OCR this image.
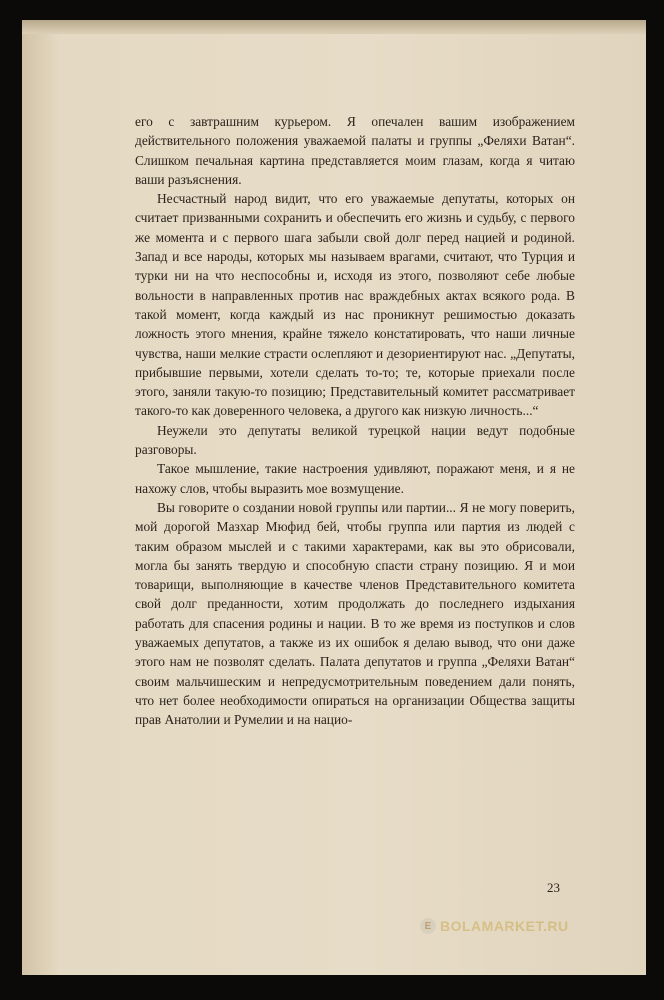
его с завтрашним курьером. Я опечален вашим изображением действительного положения уважаемой палаты и группы „Феляхи Ватан“. Слишком печальная картина представляется моим глазам, когда я читаю ваши разъяснения.

Несчастный народ видит, что его уважаемые депутаты, которых он считает призванными сохранить и обеспечить его жизнь и судьбу, с первого же момента и с первого шага забыли свой долг перед нацией и родиной. Запад и все народы, которых мы называем врагами, считают, что Турция и турки ни на что неспособны и, исходя из этого, позволяют себе любые вольности в направленных против нас враждебных актах всякого рода. В такой момент, когда каждый из нас проникнут решимостью доказать ложность этого мнения, крайне тяжело констатировать, что наши личные чувства, наши мелкие страсти ослепляют и дезориентируют нас. „Депутаты, прибывшие первыми, хотели сделать то-то; те, которые приехали после этого, заняли такую-то позицию; Представительный комитет рассматривает такого-то как доверенного человека, а другого как низкую личность...“

Неужели это депутаты великой турецкой нации ведут подобные разговоры.

Такое мышление, такие настроения удивляют, поражают меня, и я не нахожу слов, чтобы выразить мое возмущение.

Вы говорите о создании новой группы или партии... Я не могу поверить, мой дорогой Мазхар Мюфид бей, чтобы группа или партия из людей с таким образом мыслей и с такими характерами, как вы это обрисовали, могла бы занять твердую и способную спасти страну позицию. Я и мои товарищи, выполняющие в качестве членов Представительного комитета свой долг преданности, хотим продолжать до последнего издыхания работать для спасения родины и нации. В то же время из поступков и слов уважаемых депутатов, а также из их ошибок я делаю вывод, что они даже этого нам не позволят сделать. Палата депутатов и группа „Феляхи Ватан“ своим мальчишеским и непредусмотрительным поведением дали понять, что нет более необходимости опираться на организации Общества защиты прав Анатолии и Румелии и на нацио-

23
E BOLAMARKET.RU
